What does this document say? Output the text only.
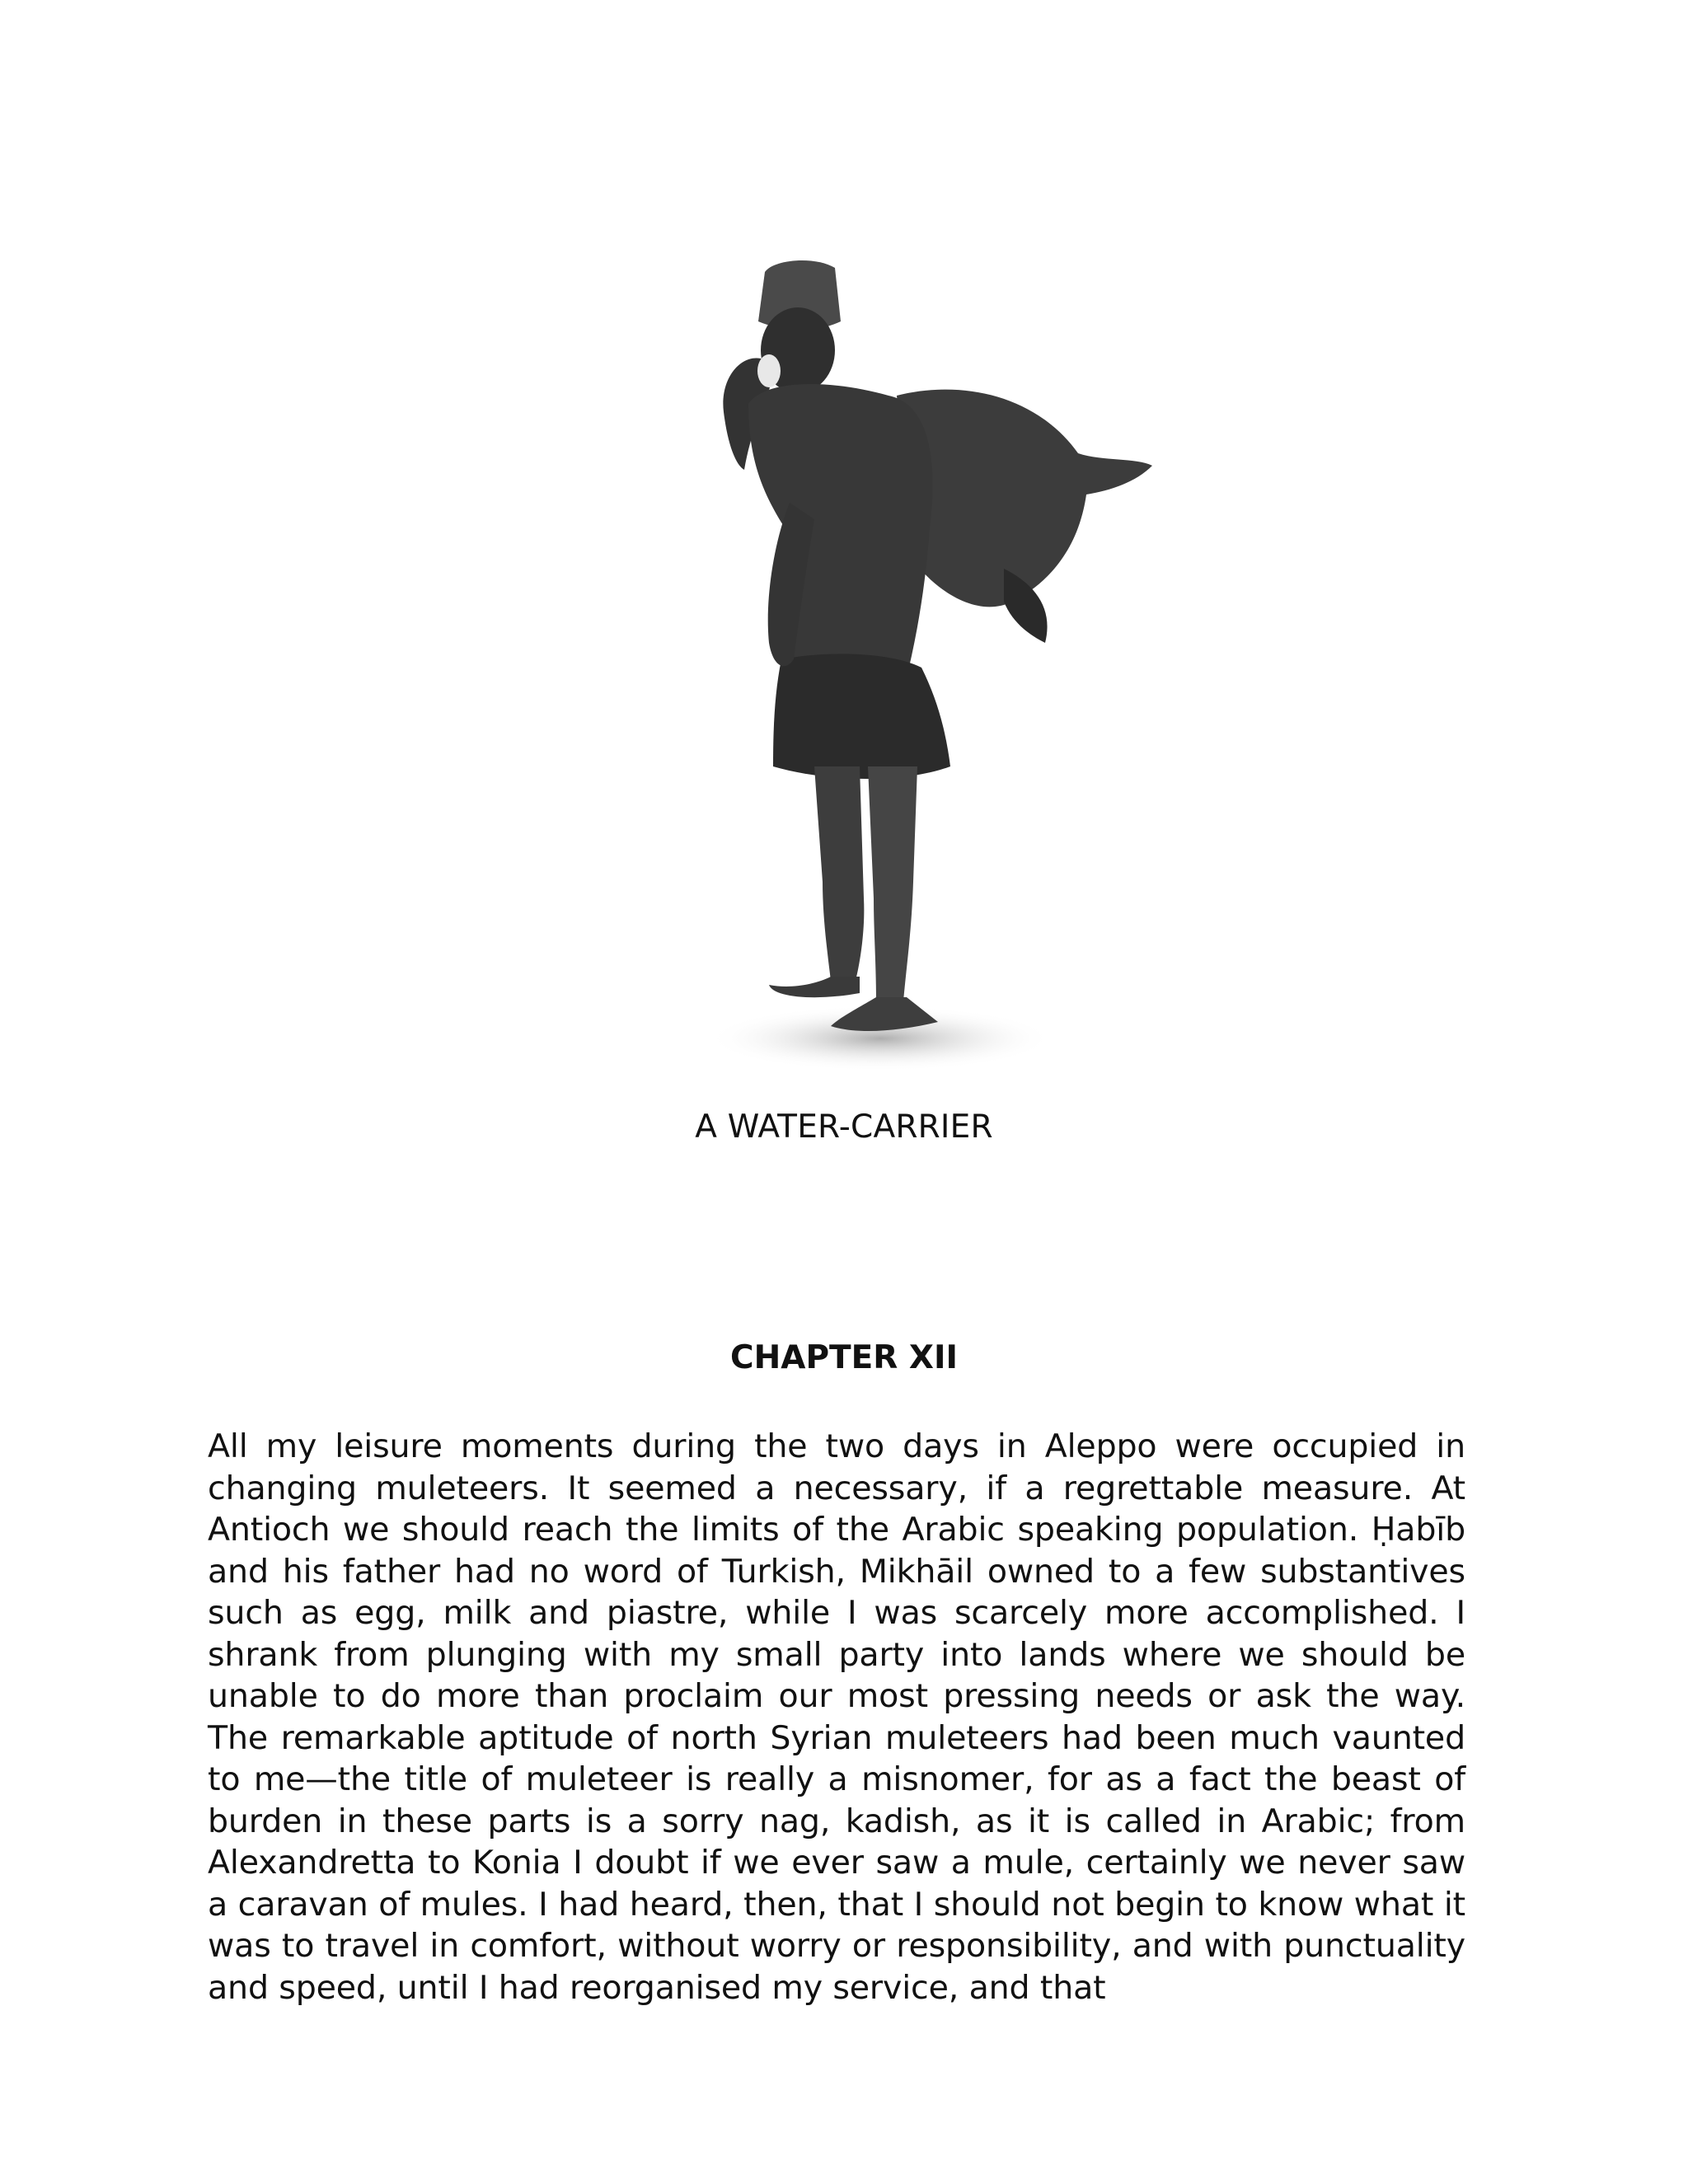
A WATER-CARRIER
CHAPTER XII

All my leisure moments during the two days in Aleppo were occupied in changing muleteers. It seemed a necessary, if a regrettable measure. At Antioch we should reach the limits of the Arabic speaking population. Ḥabīb and his father had no word of Turkish, Mikhāil owned to a few substantives such as egg, milk and piastre, while I was scarcely more accomplished. I shrank from plunging with my small party into lands where we should be unable to do more than proclaim our most pressing needs or ask the way. The remarkable aptitude of north Syrian muleteers had been much vaunted to me—the title of muleteer is really a misnomer, for as a fact the beast of burden in these parts is a sorry nag, kadish, as it is called in Arabic; from Alexandretta to Konia I doubt if we ever saw a mule, certainly we never saw a caravan of mules. I had heard, then, that I should not begin to know what it was to travel in comfort, without worry or responsibility, and with punctuality and speed, until I had reorganised my service, and that
